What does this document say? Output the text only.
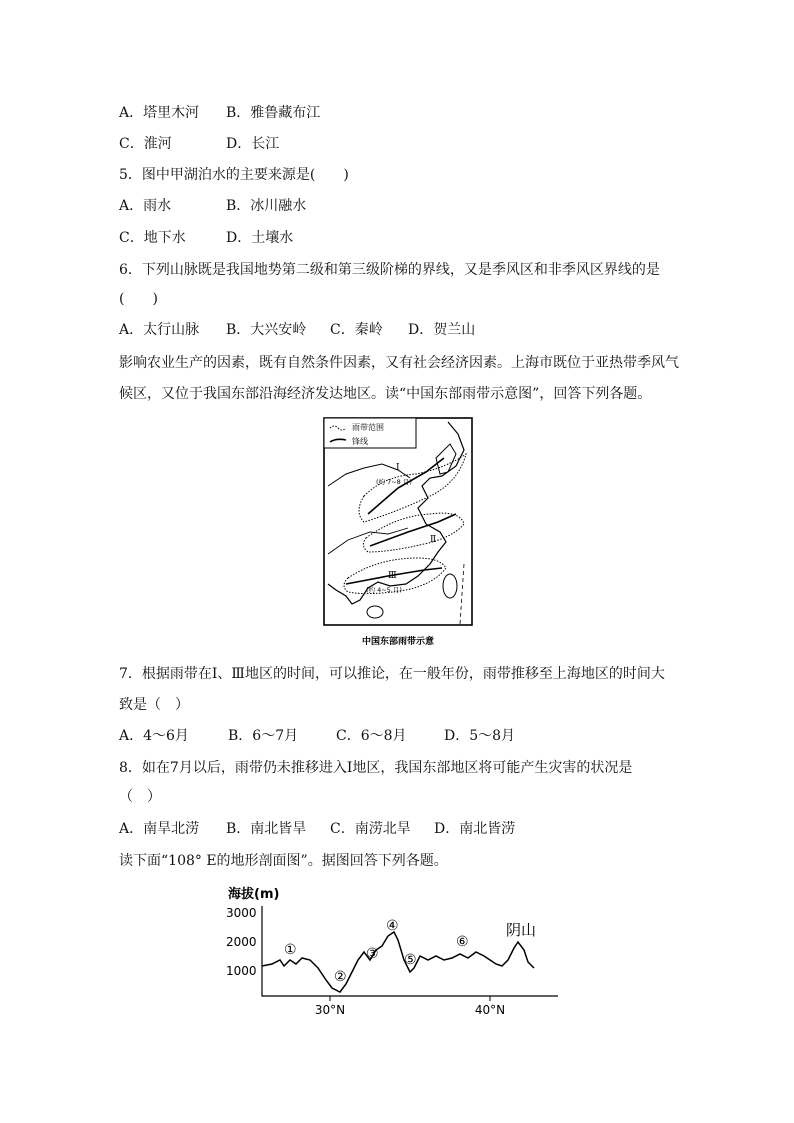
A．塔里木河 B．雅鲁藏布江
C．淮河	D．长江
5．图中甲湖泊水的主要来源是(　　)
A．雨水	B．冰川融水
C．地下水	D．土壤水
6．下列山脉既是我国地势第二级和第三级阶梯的界线，又是季风区和非季风区界线的是
(　　)
A．太行山脉 B．大兴安岭 C．秦岭 D．贺兰山
影响农业生产的因素，既有自然条件因素，又有社会经济因素。上海市既位于亚热带季风气
候区，又位于我国东部沿海经济发达地区。读“中国东部雨带示意图”，回答下列各题。
雨带范围
锋线
Ⅰ
(约 7~8 月)
Ⅱ
Ⅲ
(约 4~5 月)
中国东部雨带示意
7．根据雨带在Ⅰ、Ⅲ地区的时间，可以推论，在一般年份，雨带推移至上海地区的时间大
致是（　）
A．4～6月	B．6～7月	C．6～8月	D．5～8月
8．如在7月以后，雨带仍未推移进入Ⅰ地区，我国东部地区将可能产生灾害的状况是
（　）
A．南旱北涝 B．南北皆旱 C．南涝北旱 D．南北皆涝
读下面“108° E的地形剖面图”。据图回答下列各题。
海拔(m)
3000
2000
1000
30°N	40°N
①
②
③
④
⑤
⑥
阴山
